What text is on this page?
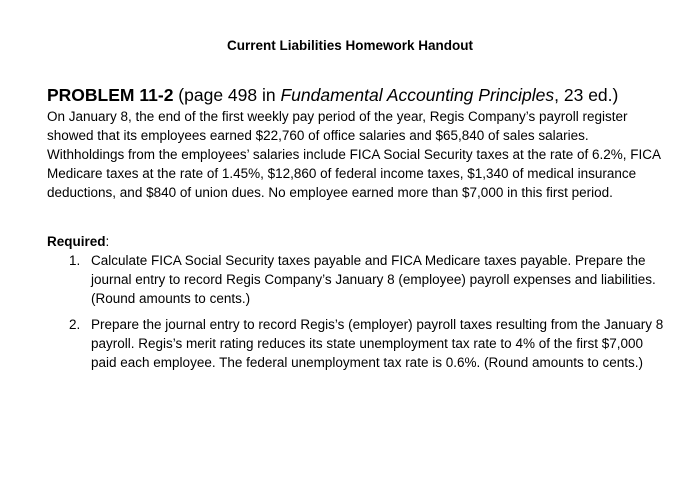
Current Liabilities Homework Handout
PROBLEM 11-2 (page 498 in Fundamental Accounting Principles, 23 ed.)

On January 8, the end of the first weekly pay period of the year, Regis Company’s payroll register showed that its employees earned $22,760 of office salaries and $65,840 of sales salaries. Withholdings from the employees’ salaries include FICA Social Security taxes at the rate of 6.2%, FICA Medicare taxes at the rate of 1.45%, $12,860 of federal income taxes, $1,340 of medical insurance deductions, and $840 of union dues. No employee earned more than $7,000 in this first period.

Required:
1. Calculate FICA Social Security taxes payable and FICA Medicare taxes payable. Prepare the journal entry to record Regis Company’s January 8 (employee) payroll expenses and liabilities. (Round amounts to cents.)
2. Prepare the journal entry to record Regis’s (employer) payroll taxes resulting from the January 8 payroll. Regis’s merit rating reduces its state unemployment tax rate to 4% of the first $7,000 paid each employee. The federal unemployment tax rate is 0.6%. (Round amounts to cents.)
